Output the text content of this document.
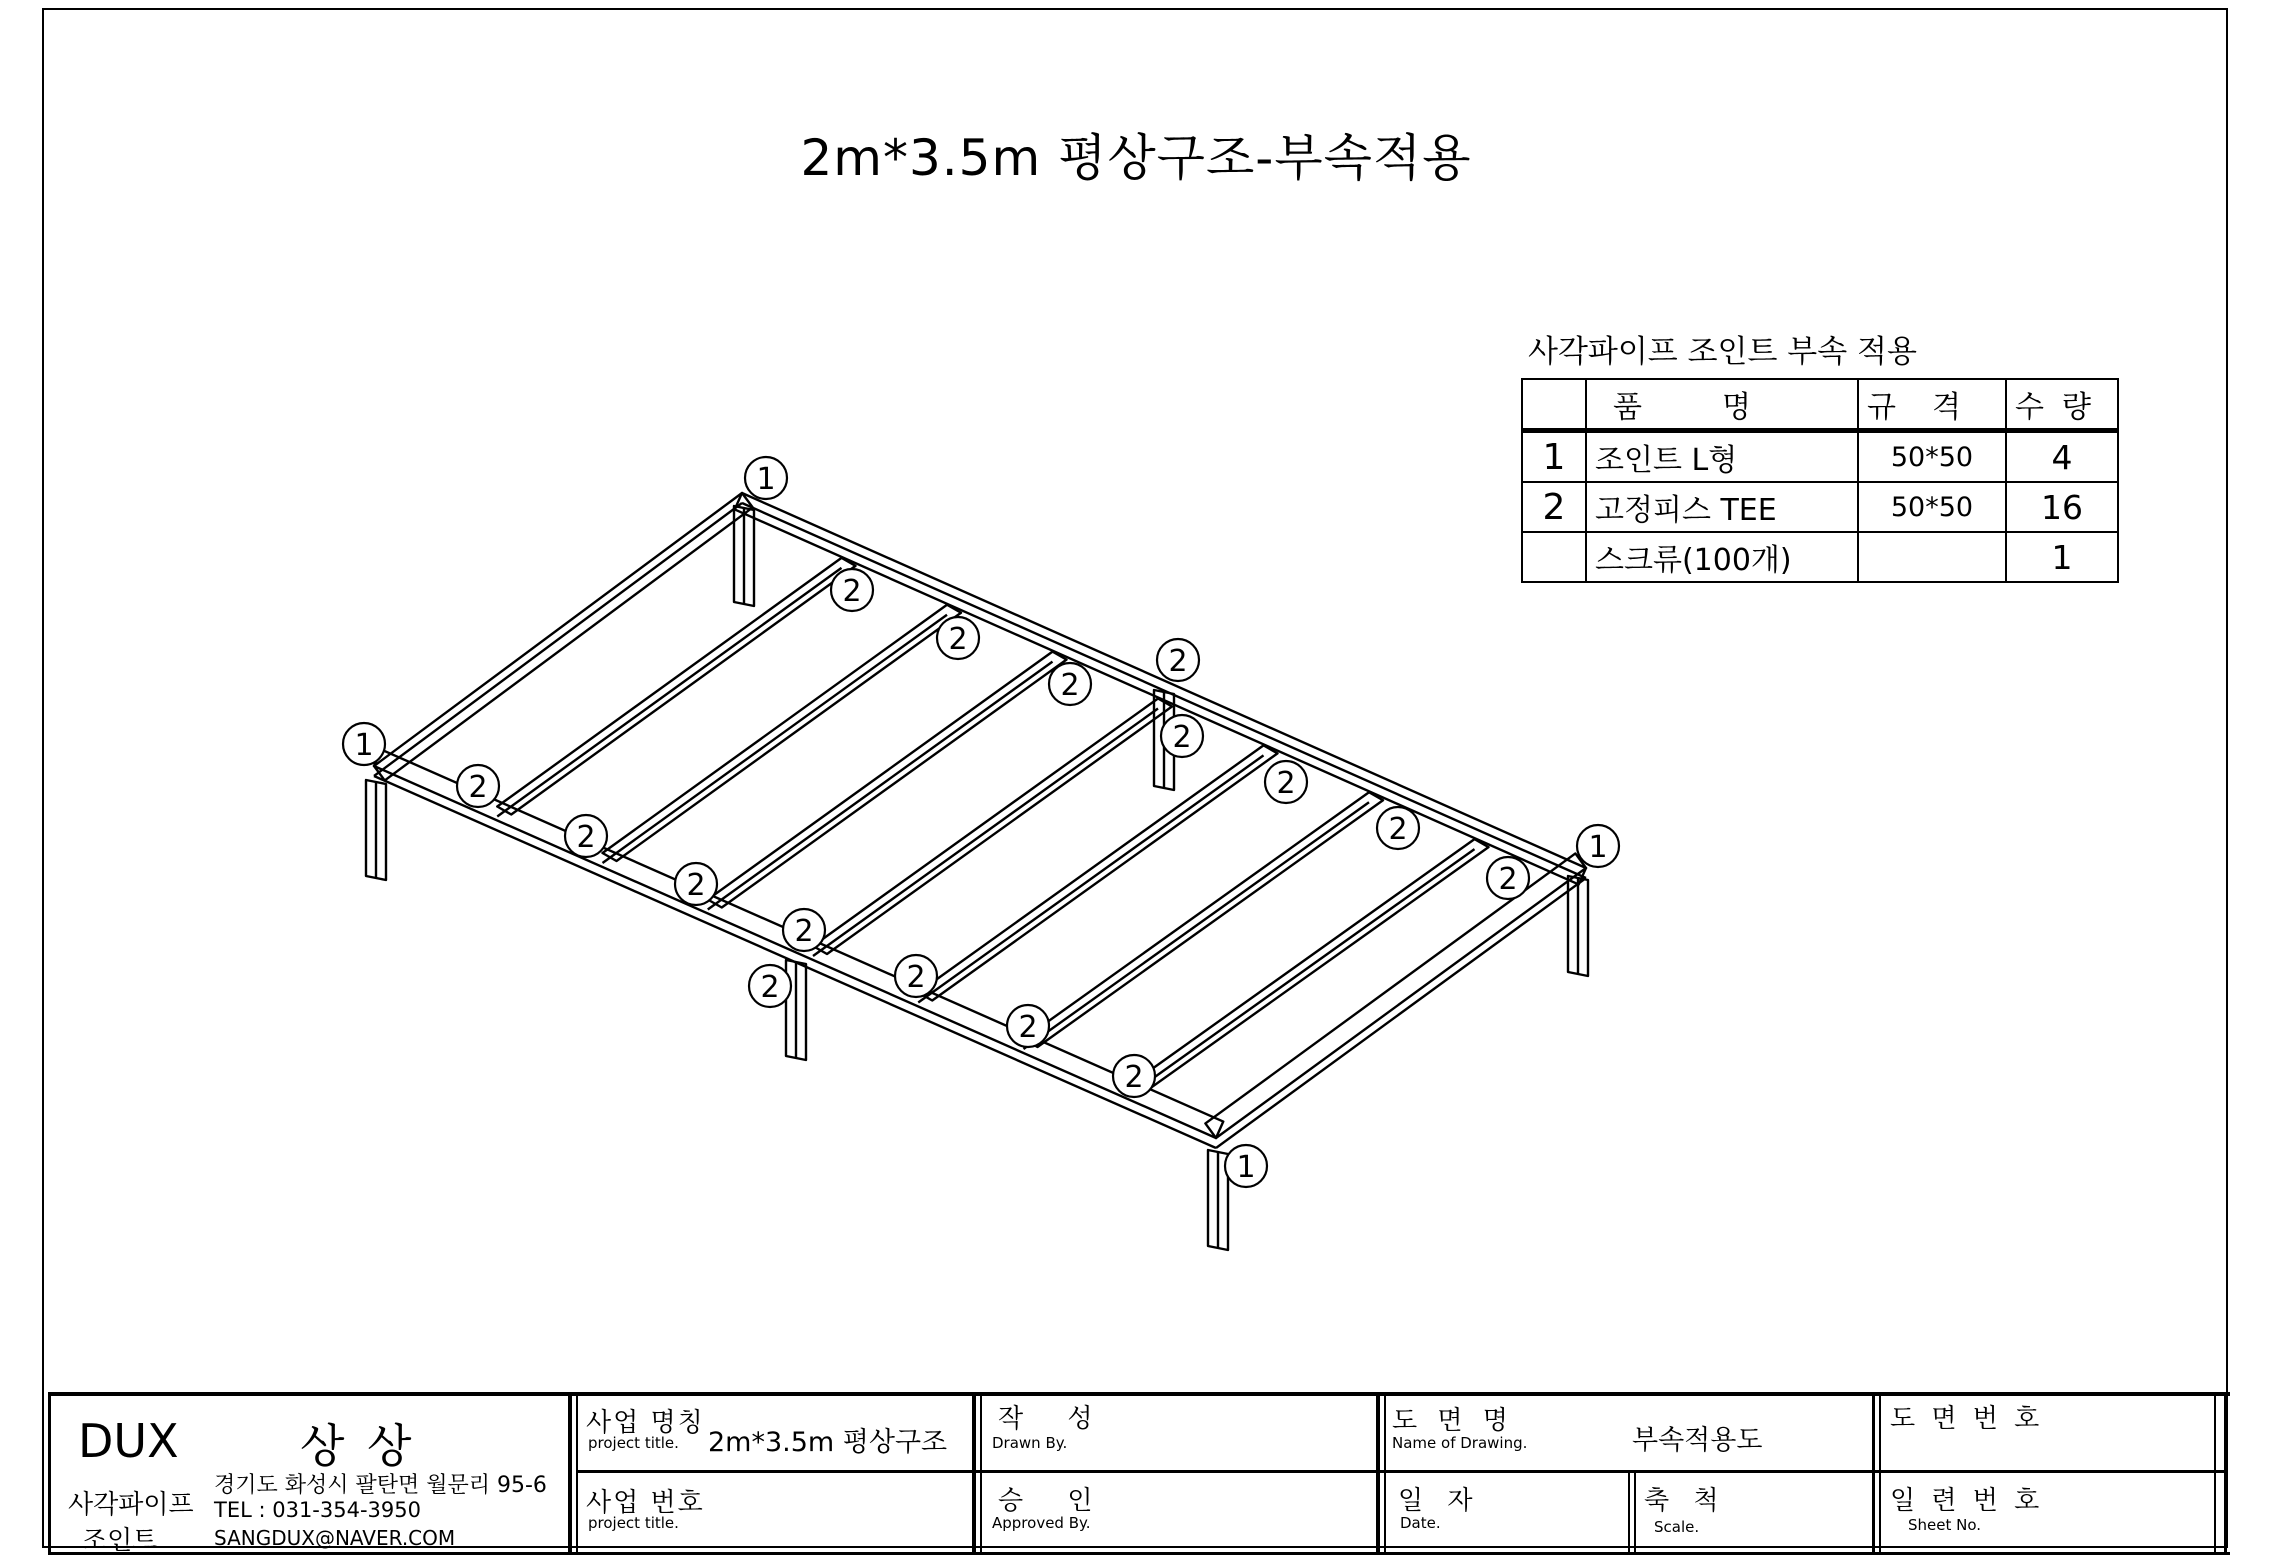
2m*3.5m 평상구조-부속적용
1
1
1
1
2
2
2
2
2
2
2
2
2
2
2
2
2	2
2
2
사각파이프 조인트 부속 적용
	품명	규격	수량
1	조인트 L형	50*50	4
2	고정피스 TEE	50*50	16
	스크류(100개)		1
DUX	상 상
사각파이프
조인트
경기도 화성시 팔탄면 월문리 95-6
TEL : 031-354-3950
SANGDUX@NAVER.COM
사업 명칭
project title. 2m*3.5m 평상구조
사업 번호
project title.
작 성
Drawn By.
승 인
Approved By.
도 면 명
Name of Drawing.	부속적용도
일 자
Date.
축 척
Scale.
도 면 번 호
일 련 번 호
Sheet No.
